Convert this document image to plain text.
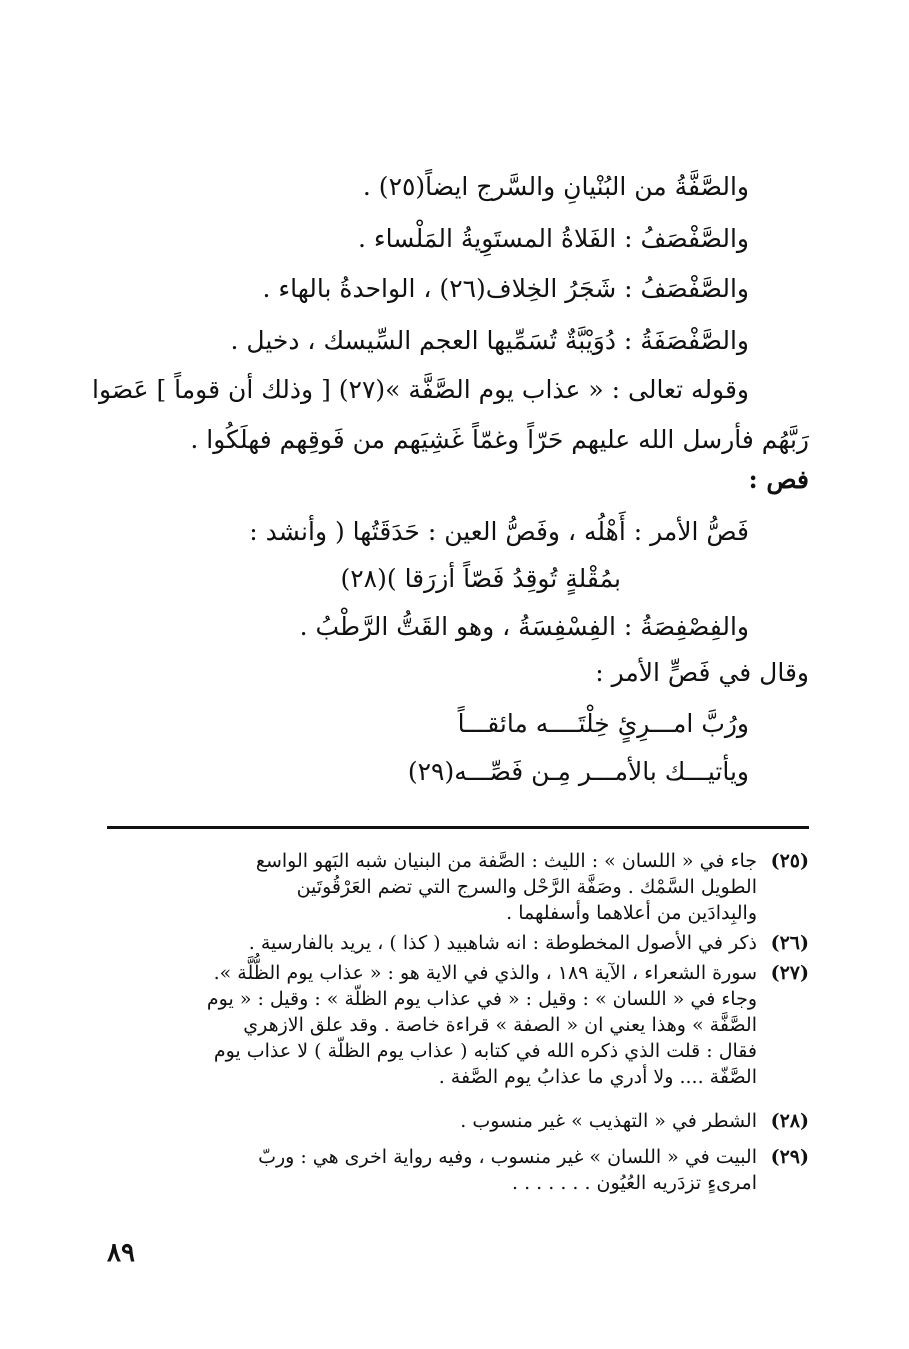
والصَّفَّةُ من البُنْيانِ والسَّرج ايضاً(٢٥) .
والصَّفْصَفُ : الفَلاةُ المستَوِيةُ المَلْساء .
والصَّفْصَفُ : شَجَرُ الخِلاف(٢٦) ، الواحدةُ بالهاء .
والصَّفْصَفَةُ : دُوَيْبَّةٌ تُسَمِّيها العجم السِّيسك ، دخيل .
وقوله تعالى : « عذاب يوم الصَّفَّة »(٢٧) [ وذلك أن قوماً ] عَصَوا
رَبَّهُم فأرسل الله عليهم حَرّاً وغمّاً غَشِيَهم من فَوقِهم فهلَكُوا .
فص :
فَصُّ الأمر : أَهْلُه ، وفَصُّ العين : حَدَقَتُها ( وأنشد :
بمُقْلةٍ تُوقِدُ فَصّاً أزرَقا )(٢٨)
والفِصْفِصَةُ : الفِسْفِسَةُ ، وهو القَتُّ الرَّطْبُ .
وقال في فَصٍّ الأمر :
ورُبَّ امـــرِئٍ خِلْتَــــه مائقـــاً
ويأتيـــك بالأمـــر مِـن فَصِّـــه(٢٩)
(٢٥)
جاء في « اللسان » : الليث : الصَّفة من البنيان شبه البَهو الواسع
الطويل السَّمْك . وصَفَّة الرَّحْل والسرج التي تضم العَرْقُوتَين
والبِدادَين من أعلاهما وأسفلهما .
(٢٦)
ذكر في الأصول المخطوطة : انه شاهبيد ( كذا ) ، يريد بالفارسية .
(٢٧)
سورة الشعراء ، الآية ١٨٩ ، والذي في الاية هو : « عذاب يوم الظُّلَّة ».
وجاء في « اللسان » : وقيل : « في عذاب يوم الظلّة » : وقيل : « يوم
الصَّفَّة » وهذا يعني ان « الصفة » قراءة خاصة . وقد علق الازهري
فقال : قلت الذي ذكره الله في كتابه ( عذاب يوم الظلّة ) لا عذاب يوم
الصَّفّة .... ولا أدري ما عذابُ يوم الصَّفة .
(٢٨)
الشطر في « التهذيب » غير منسوب .
(٢٩)
البيت في « اللسان » غير منسوب ، وفيه رواية اخرى هي : وربّ
امرىءٍ تزدَريه العُيُون . . . . . . .
٨٩
